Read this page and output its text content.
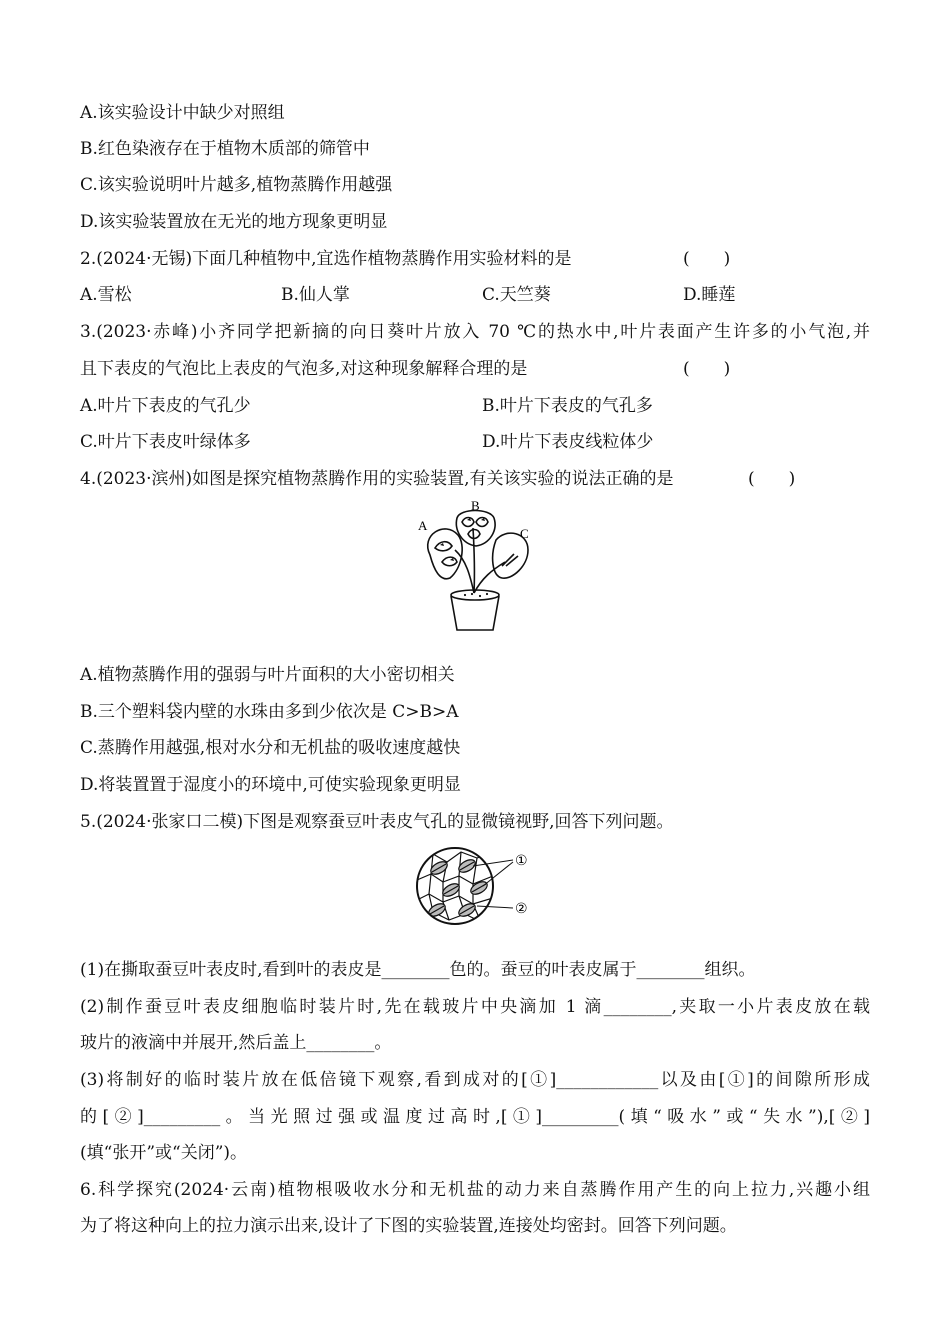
A.该实验设计中缺少对照组
B.红色染液存在于植物木质部的筛管中
C.该实验说明叶片越多,植物蒸腾作用越强
D.该实验装置放在无光的地方现象更明显
2.(2024·无锡)下面几种植物中,宜选作植物蒸腾作用实验材料的是	(　　)
A.雪松	B.仙人掌	C.天竺葵	D.睡莲
3.(2023·赤峰)小齐同学把新摘的向日葵叶片放入 70 ℃的热水中,叶片表面产生许多的小气泡,并
且下表皮的气泡比上表皮的气泡多,对这种现象解释合理的是	(　　)
A.叶片下表皮的气孔少	B.叶片下表皮的气孔多
C.叶片下表皮叶绿体多	D.叶片下表皮线粒体少
4.(2023·滨州)如图是探究植物蒸腾作用的实验装置,有关该实验的说法正确的是	(　　)
A
B
C
A.植物蒸腾作用的强弱与叶片面积的大小密切相关
B.三个塑料袋内壁的水珠由多到少依次是 C>B>A
C.蒸腾作用越强,根对水分和无机盐的吸收速度越快
D.将装置置于湿度小的环境中,可使实验现象更明显
5.(2024·张家口二模)下图是观察蚕豆叶表皮气孔的显微镜视野,回答下列问题。
①
②
(1)在撕取蚕豆叶表皮时,看到叶的表皮是________色的。蚕豆的叶表皮属于________组织。
(2)制作蚕豆叶表皮细胞临时装片时,先在载玻片中央滴加 1 滴________,夹取一小片表皮放在载
玻片的液滴中并展开,然后盖上________。
(3)将制好的临时装片放在低倍镜下观察,看到成对的[①]____________以及由[①]的间隙所形成
的[②]_________。当光照过强或温度过高时,[①]_________(填“吸水”或“失水”),[②]
(填“张开”或“关闭”)。
6.科学探究(2024·云南)植物根吸收水分和无机盐的动力来自蒸腾作用产生的向上拉力,兴趣小组
为了将这种向上的拉力演示出来,设计了下图的实验装置,连接处均密封。回答下列问题。
